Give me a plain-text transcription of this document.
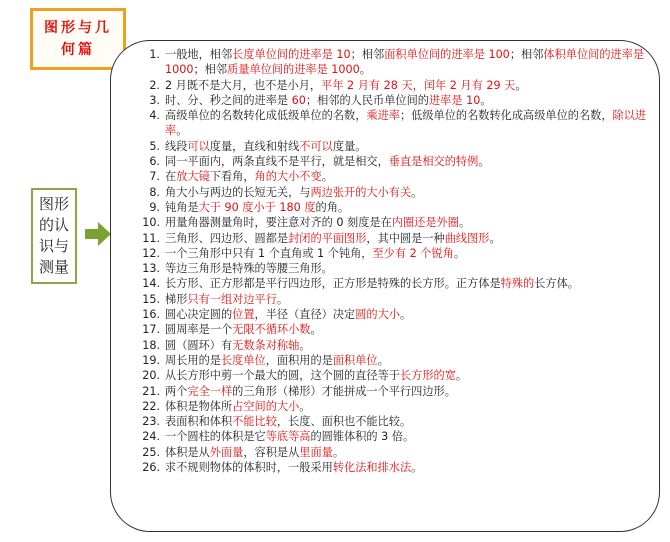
图形与几
何篇
图形
的认
识与
测量
1. 一般地，相邻长度单位间的进率是 10；相邻面积单位间的进率是 100；相邻体积单位间的进率是 1000；相邻质量单位间的进率是 1000。
2. 2 月既不是大月，也不是小月，平年 2 月有 28 天，闰年 2 月有 29 天。
3. 时、分、秒之间的进率是 60；相邻的人民币单位间的进率是 10。
4. 高级单位的名数转化成低级单位的名数，乘进率；低级单位的名数转化成高级单位的名数，除以进率。
5. 线段可以度量，直线和射线不可以度量。
6. 同一平面内，两条直线不是平行，就是相交，垂直是相交的特例。
7. 在放大镜下看角，角的大小不变。
8. 角大小与两边的长短无关，与两边张开的大小有关。
9. 钝角是大于 90 度小于 180 度的角。
10. 用量角器测量角时，要注意对齐的 0 刻度是在内圈还是外圈。
11. 三角形、四边形、圆都是封闭的平面图形，其中圆是一种曲线图形。
12. 一个三角形中只有 1 个直角或 1 个钝角，至少有 2 个锐角。
13. 等边三角形是特殊的等腰三角形。
14. 长方形、正方形都是平行四边形，正方形是特殊的长方形。正方体是特殊的长方体。
15. 梯形只有一组对边平行。
16. 圆心决定圆的位置，半径（直径）决定圆的大小。
17. 圆周率是一个无限不循环小数。
18. 圆（圆环）有无数条对称轴。
19. 周长用的是长度单位，面积用的是面积单位。
20. 从长方形中剪一个最大的圆，这个圆的直径等于长方形的宽。
21. 两个完全一样的三角形（梯形）才能拼成一个平行四边形。
22. 体积是物体所占空间的大小。
23. 表面积和体积不能比较，长度、面积也不能比较。
24. 一个圆柱的体积是它等底等高的圆锥体积的 3 倍。
25. 体积是从外面量，容积是从里面量。
26. 求不规则物体的体积时，一般采用转化法和排水法。
